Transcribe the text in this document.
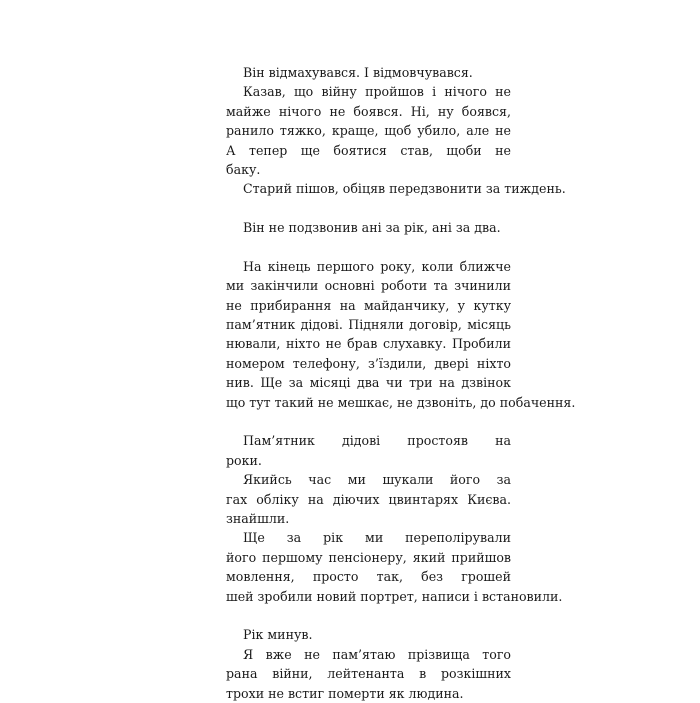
Він відмахувався. І відмовчувався.
Казав, що війну пройшов і нічого не
майже нічого не боявся. Ні, ну боявся,
ранило тяжко, краще, щоб убило, але не
А тепер ще боятися став, щоби не
баку.
Старий пішов, обіцяв передзвонити за тиждень.
Він не подзвонив ані за рік, ані за два.
На кінець першого року, коли ближче
ми закінчили основні роботи та зчинили
не прибирання на майданчику, у кутку
пам’ятник дідові. Підняли договір, місяць
нювали, ніхто не брав слухавку. Пробили
номером телефону, з’їздили, двері ніхто
нив. Ще за місяці два чи три на дзвінок
що тут такий не мешкає, не дзвоніть, до побачення.
Пам’ятник дідові простояв на
роки.
Якийсь час ми шукали його за
гах обліку на діючих цвинтарях Києва.
знайшли.
Ще за рік ми переполірували
його першому пенсіонеру, який прийшов
мовлення, просто так, без грошей
шей зробили новий портрет, написи і встановили.
Рік минув.
Я вже не пам’ятаю прізвища того
рана війни, лейтенанта в розкішних
трохи не встиг померти як людина.
